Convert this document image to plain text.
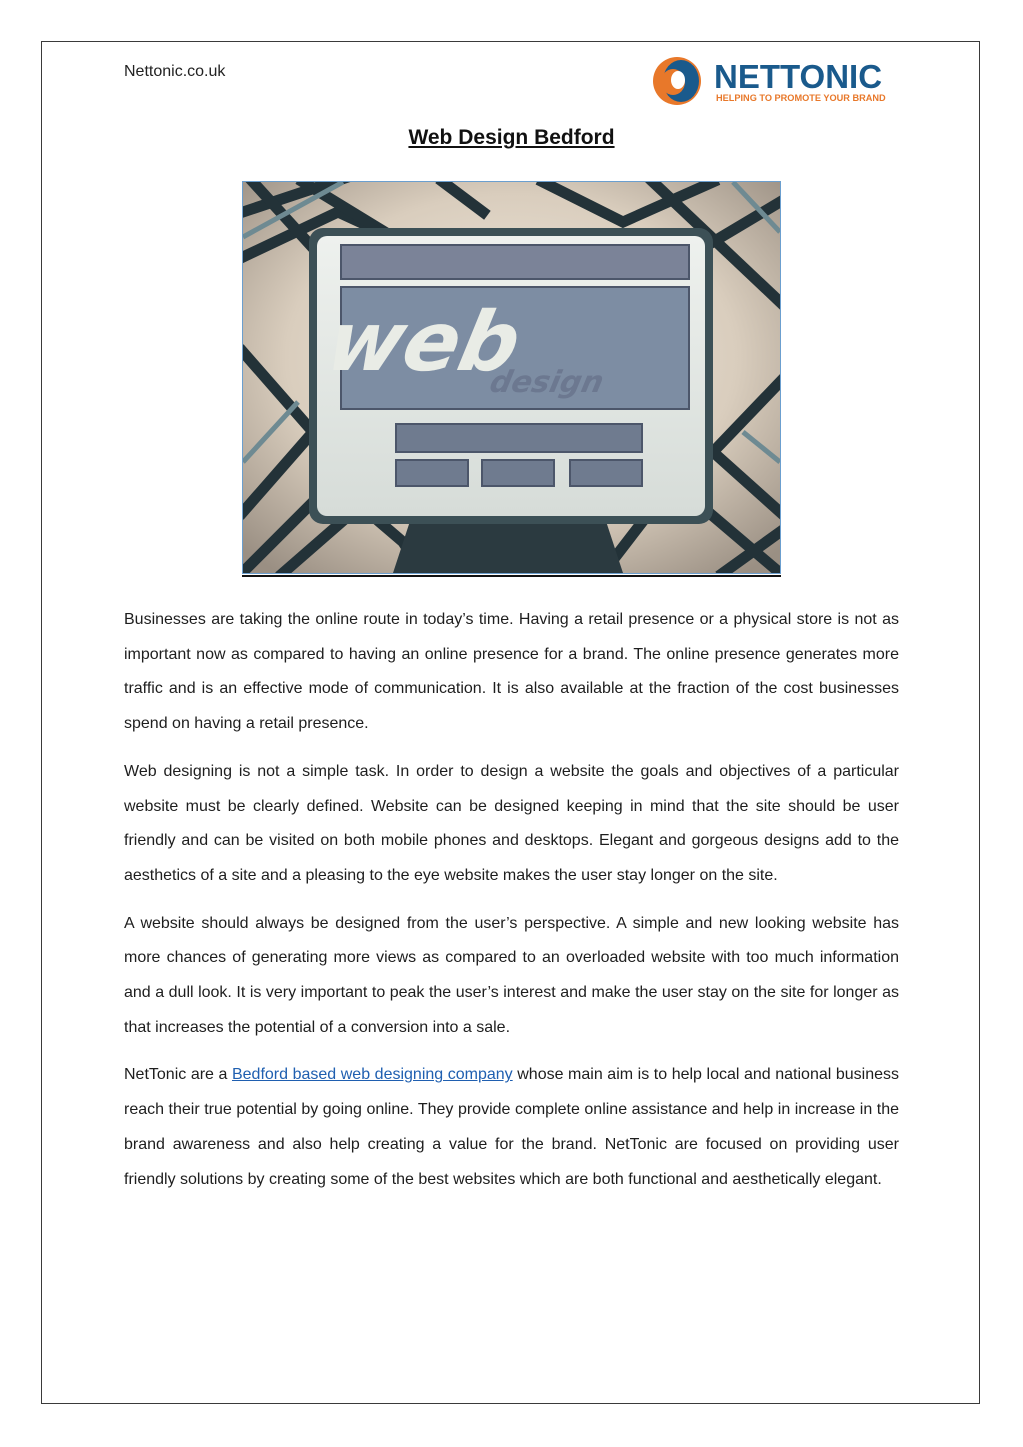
Nettonic.co.uk	NETTONIC
HELPING TO PROMOTE YOUR BRAND
Web Design Bedford
web
design

Businesses are taking the online route in today’s time. Having a retail presence or a physical store is not as important now as compared to having an online presence for a brand. The online presence generates more traffic and is an effective mode of communication. It is also available at the fraction of the cost businesses spend on having a retail presence.

Web designing is not a simple task. In order to design a website the goals and objectives of a particular website must be clearly defined. Website can be designed keeping in mind that the site should be user friendly and can be visited on both mobile phones and desktops. Elegant and gorgeous designs add to the aesthetics of a site and a pleasing to the eye website makes the user stay longer on the site.

A website should always be designed from the user’s perspective. A simple and new looking website has more chances of generating more views as compared to an overloaded website with too much information and a dull look. It is very important to peak the user’s interest and make the user stay on the site for longer as that increases the potential of a conversion into a sale.

NetTonic are a Bedford based web designing company whose main aim is to help local and national business reach their true potential by going online. They provide complete online assistance and help in increase in the brand awareness and also help creating a value for the brand. NetTonic are focused on providing user friendly solutions by creating some of the best websites which are both functional and aesthetically elegant.
